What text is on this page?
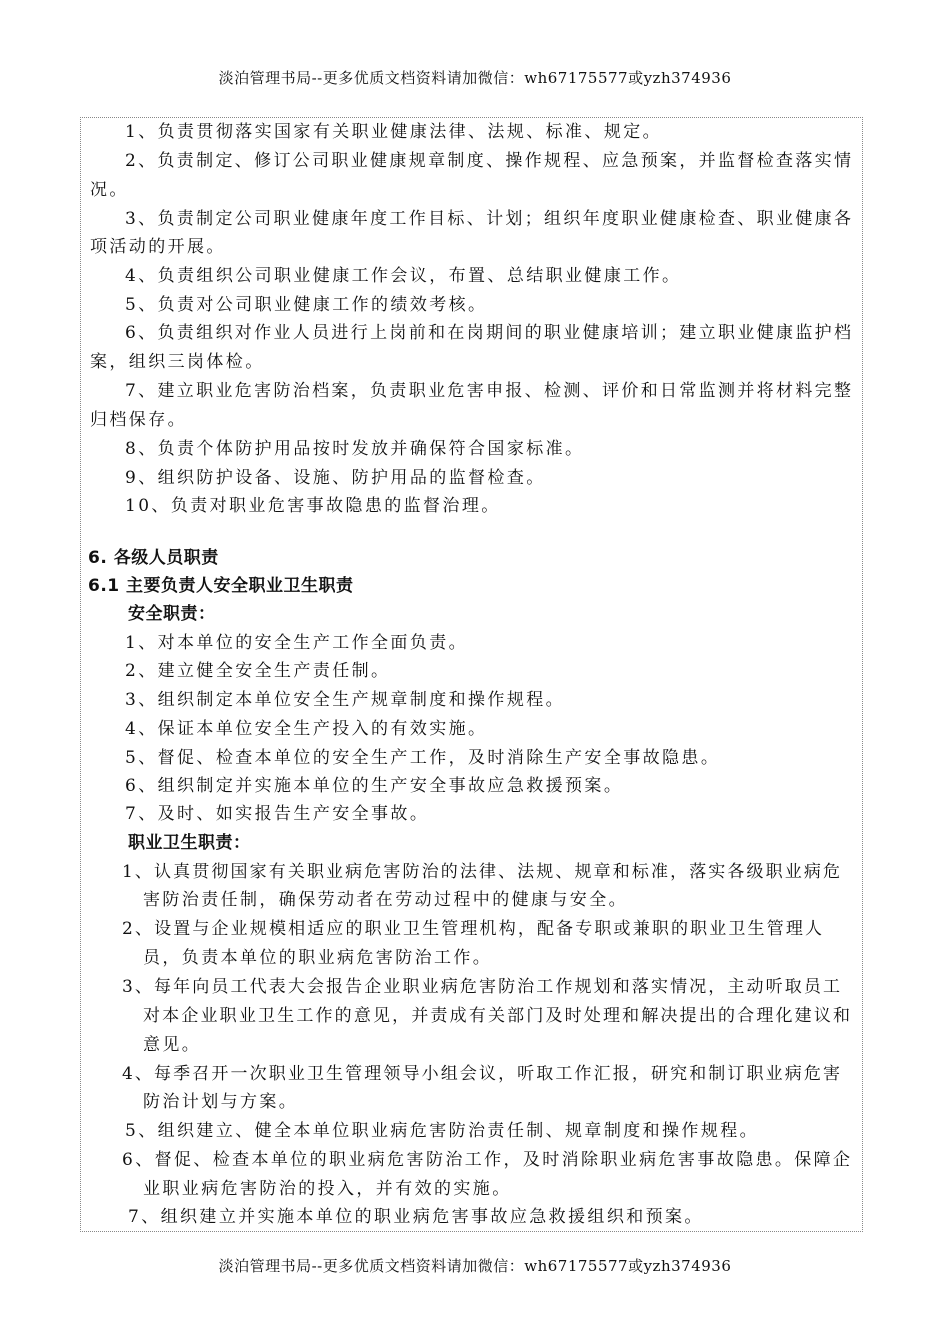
淡泊管理书局--更多优质文档资料请加微信：wh67175577或yzh374936
1、负责贯彻落实国家有关职业健康法律、法规、标准、规定。
2、负责制定、修订公司职业健康规章制度、操作规程、应急预案，并监督检查落实情
况。
3、负责制定公司职业健康年度工作目标、计划；组织年度职业健康检查、职业健康各
项活动的开展。
4、负责组织公司职业健康工作会议，布置、总结职业健康工作。
5、负责对公司职业健康工作的绩效考核。
6、负责组织对作业人员进行上岗前和在岗期间的职业健康培训；建立职业健康监护档
案，组织三岗体检。
7、建立职业危害防治档案，负责职业危害申报、检测、评价和日常监测并将材料完整
归档保存。
8、负责个体防护用品按时发放并确保符合国家标准。
9、组织防护设备、设施、防护用品的监督检查。
10、负责对职业危害事故隐患的监督治理。
6. 各级人员职责
6.1 主要负责人安全职业卫生职责
安全职责：
1、对本单位的安全生产工作全面负责。
2、建立健全安全生产责任制。
3、组织制定本单位安全生产规章制度和操作规程。
4、保证本单位安全生产投入的有效实施。
5、督促、检查本单位的安全生产工作，及时消除生产安全事故隐患。
6、组织制定并实施本单位的生产安全事故应急救援预案。
7、及时、如实报告生产安全事故。
职业卫生职责：
1、认真贯彻国家有关职业病危害防治的法律、法规、规章和标准，落实各级职业病危
害防治责任制，确保劳动者在劳动过程中的健康与安全。
2、设置与企业规模相适应的职业卫生管理机构，配备专职或兼职的职业卫生管理人
员，负责本单位的职业病危害防治工作。
3、每年向员工代表大会报告企业职业病危害防治工作规划和落实情况，主动听取员工
对本企业职业卫生工作的意见，并责成有关部门及时处理和解决提出的合理化建议和
意见。
4、每季召开一次职业卫生管理领导小组会议，听取工作汇报，研究和制订职业病危害
防治计划与方案。
5、组织建立、健全本单位职业病危害防治责任制、规章制度和操作规程。
6、督促、检查本单位的职业病危害防治工作，及时消除职业病危害事故隐患。保障企
业职业病危害防治的投入，并有效的实施。
7、组织建立并实施本单位的职业病危害事故应急救援组织和预案。
淡泊管理书局--更多优质文档资料请加微信：wh67175577或yzh374936
